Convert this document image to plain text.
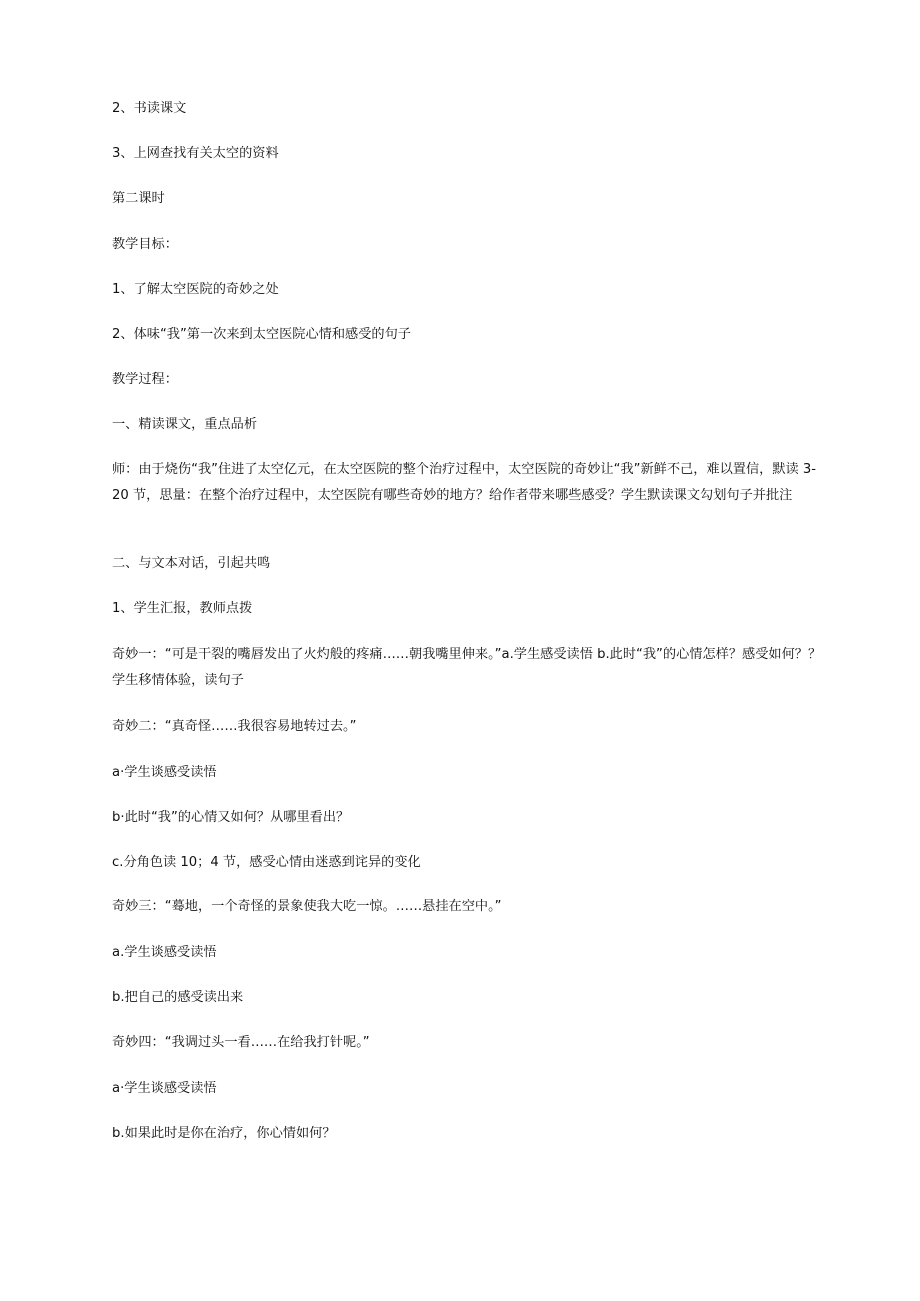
2、书读课文

3、上网查找有关太空的资料

第二课时

教学目标：

1、了解太空医院的奇妙之处

2、体味“我”第一次来到太空医院心情和感受的句子

教学过程：

一、精读课文，重点品析

师：由于烧伤“我”住进了太空亿元，在太空医院的整个治疗过程中，太空医院的奇妙让“我”新鲜不己，难以置信，默读 3-20 节，思量：在整个治疗过程中，太空医院有哪些奇妙的地方？给作者带来哪些感受？学生默读课文勾划句子并批注

二、与文本对话，引起共鸣

1、学生汇报，教师点拨

奇妙一：“可是干裂的嘴唇发出了火灼般的疼痛……朝我嘴里伸来。”a.学生感受读悟 b.此时“我”的心情怎样？感受如何？？学生移情体验，读句子

奇妙二：“真奇怪……我很容易地转过去。”

a·学生谈感受读悟

b·此时“我”的心情又如何？从哪里看出？

c.分角色读 10；4 节，感受心情由迷惑到诧异的变化

奇妙三：“蓦地，一个奇怪的景象使我大吃一惊。……悬挂在空中。”

a.学生谈感受读悟

b.把自己的感受读出来

奇妙四：“我调过头一看……在给我打针呢。”

a·学生谈感受读悟

b.如果此时是你在治疗，你心情如何？
